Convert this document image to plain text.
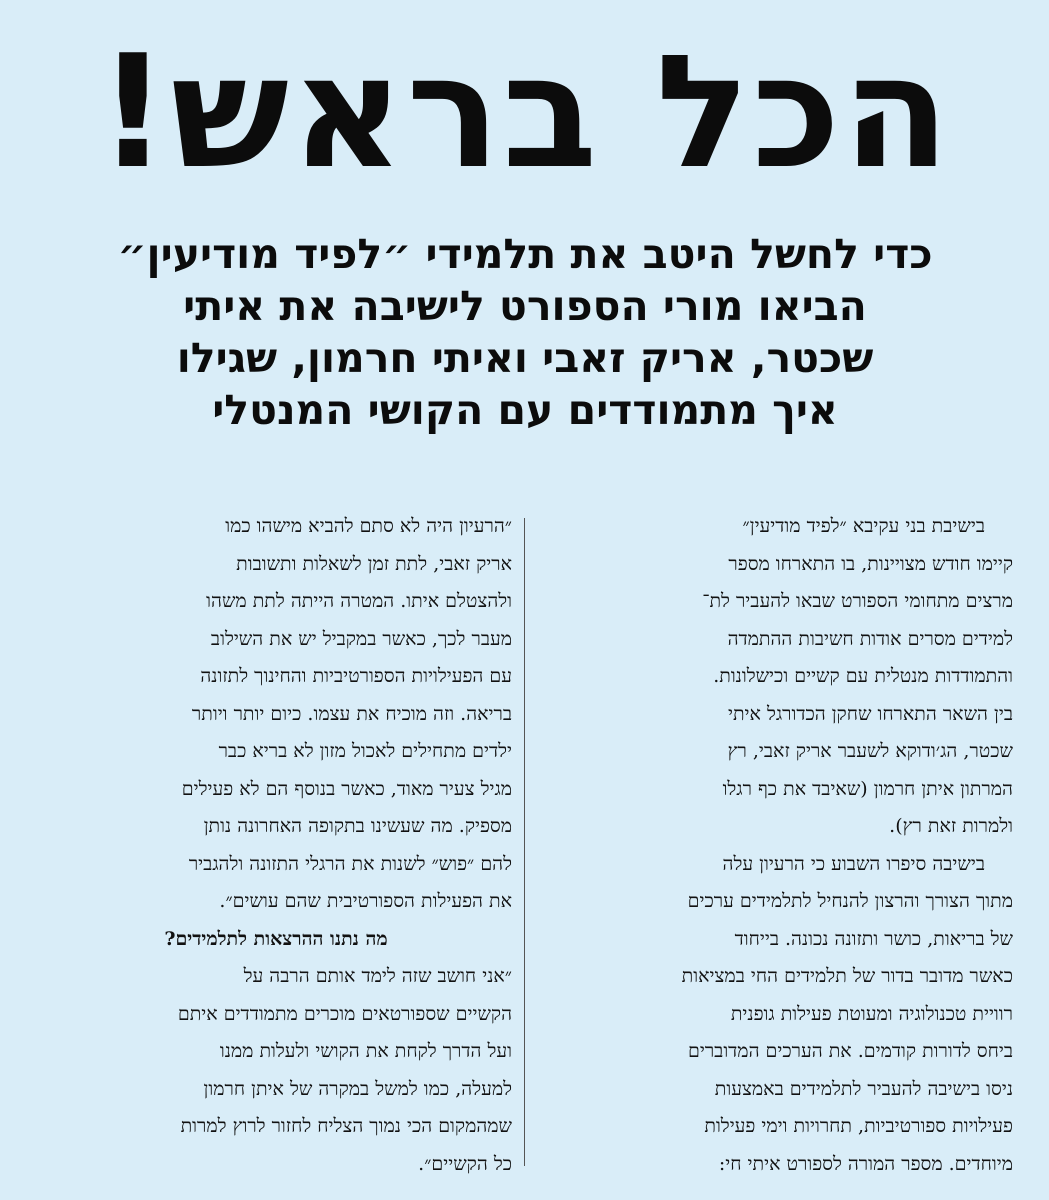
הכל בראש!
כדי לחשל היטב את תלמידי ״לפיד מודיעין״
הביאו מורי הספורט לישיבה את איתי
שכטר, אריק זאבי ואיתי חרמון, שגילו
איך מתמודדים עם הקושי המנטלי
בישיבת בני עקיבא ״לפיד מודיעין״
קיימו חודש מצויינות, בו התארחו מספר
מרצים מתחומי הספורט שבאו להעביר לת־
למידים מסרים אודות חשיבות ההתמדה
והתמודדות מנטלית עם קשיים וכישלונות.
בין השאר התארחו שחקן הכדורגל איתי
שכטר, הג׳ודוקא לשעבר אריק זאבי, רץ
המרתון איתן חרמון (שאיבד את כף רגלו
ולמרות זאת רץ).
בישיבה סיפרו השבוע כי הרעיון עלה
מתוך הצורך והרצון להנחיל לתלמידים ערכים
של בריאות, כושר ותזונה נכונה. בייחוד
כאשר מדובר בדור של תלמידים החי במציאות
רוויית טכנולוגיה ומעוטת פעילות גופנית
ביחס לדורות קודמים. את הערכים המדוברים
ניסו בישיבה להעביר לתלמידים באמצעות
פעילויות ספורטיביות, תחרויות וימי פעילות
מיוחדים. מספר המורה לספורט איתי חי:
״הרעיון היה לא סתם להביא מישהו כמו
אריק זאבי, לתת זמן לשאלות ותשובות
ולהצטלם איתו. המטרה הייתה לתת משהו
מעבר לכך, כאשר במקביל יש את השילוב
עם הפעילויות הספורטיביות והחינוך לתזונה
בריאה. וזה מוכיח את עצמו. כיום יותר ויותר
ילדים מתחילים לאכול מזון לא בריא כבר
מגיל צעיר מאוד, כאשר בנוסף הם לא פעילים
מספיק. מה שעשינו בתקופה האחרונה נותן
להם ״פוש״ לשנות את הרגלי התזונה ולהגביר
את הפעילות הספורטיבית שהם עושים״.
מה נתנו ההרצאות לתלמידים?
״אני חושב שזה לימד אותם הרבה על
הקשיים שספורטאים מוכרים מתמודדים איתם
ועל הדרך לקחת את הקושי ולעלות ממנו
למעלה, כמו למשל במקרה של איתן חרמון
שמהמקום הכי נמוך הצליח לחזור לרוץ למרות
כל הקשיים״.
